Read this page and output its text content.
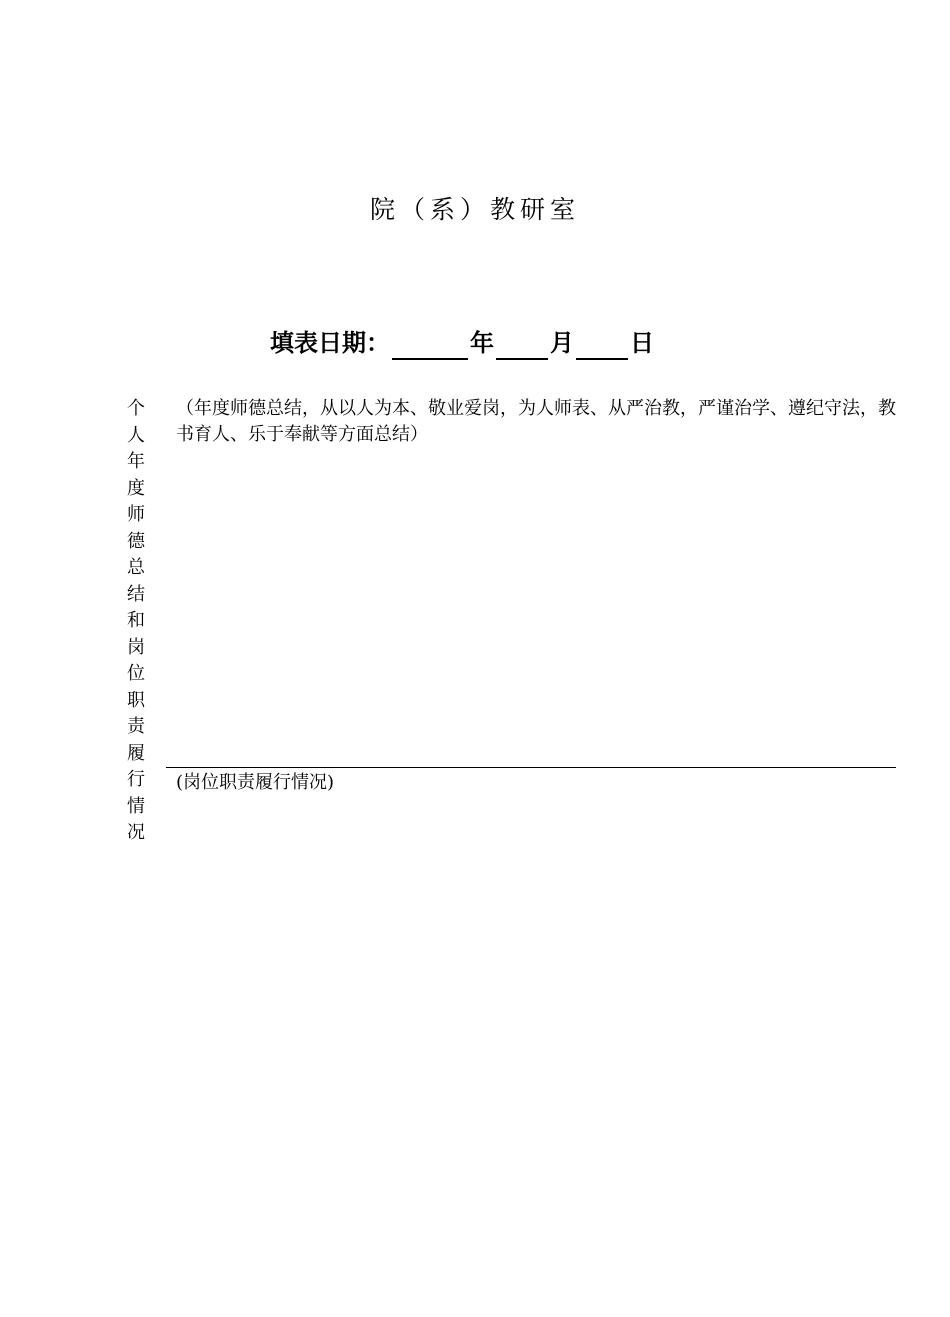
院（系）教研室
填表日期：	年 月 日
个
人
年
度
师
德
总
结
和
岗
位
职
责
履
行
情
况

（年度师德总结，从以人为本、敬业爱岗，为人师表、从严治教，严谨治学、遵纪守法，教书育人、乐于奉献等方面总结）

(岗位职责履行情况)
